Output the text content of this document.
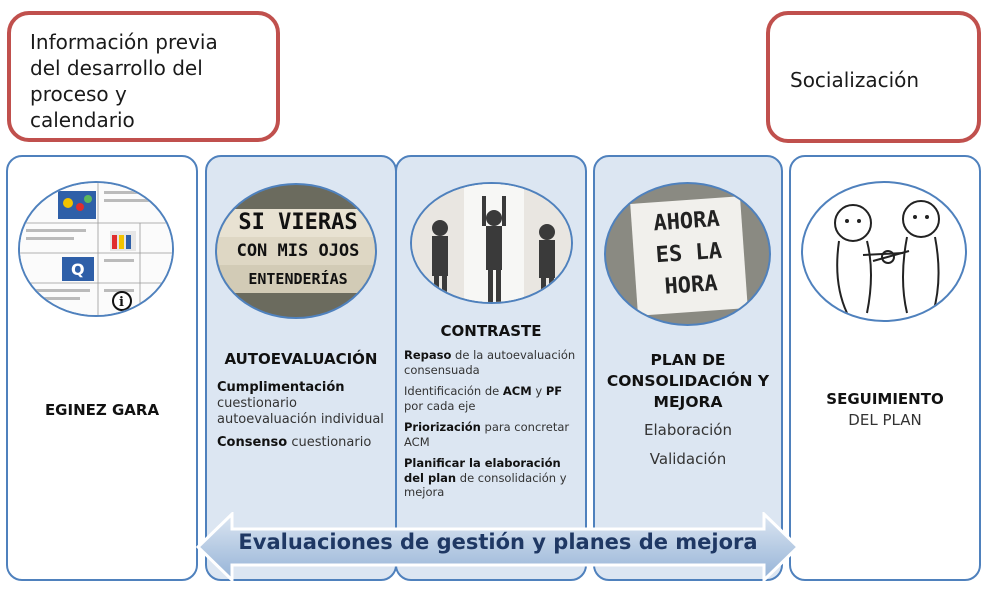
Información previa
del desarrollo del
proceso y
calendario
Socialización
Q
i
EGINEZ GARA
SI VIERAS
CON MIS OJOS
ENTENDERÍAS
AUTOEVALUACIÓN

Cumplimentación
cuestionario autoevaluación individual

Consenso cuestionario

CONTRASTE

Repaso de la autoevaluación consensuada

Identificación de ACM y PF por cada eje

Priorización para concretar ACM

Planificar la elaboración del plan de consolidación y mejora

AHORA
ES LA
HORA
PLAN DE CONSOLIDACIÓN Y MEJORA
Elaboración
Validación
SEGUIMIENTO
DEL PLAN
Evaluaciones de gestión y planes de mejora
